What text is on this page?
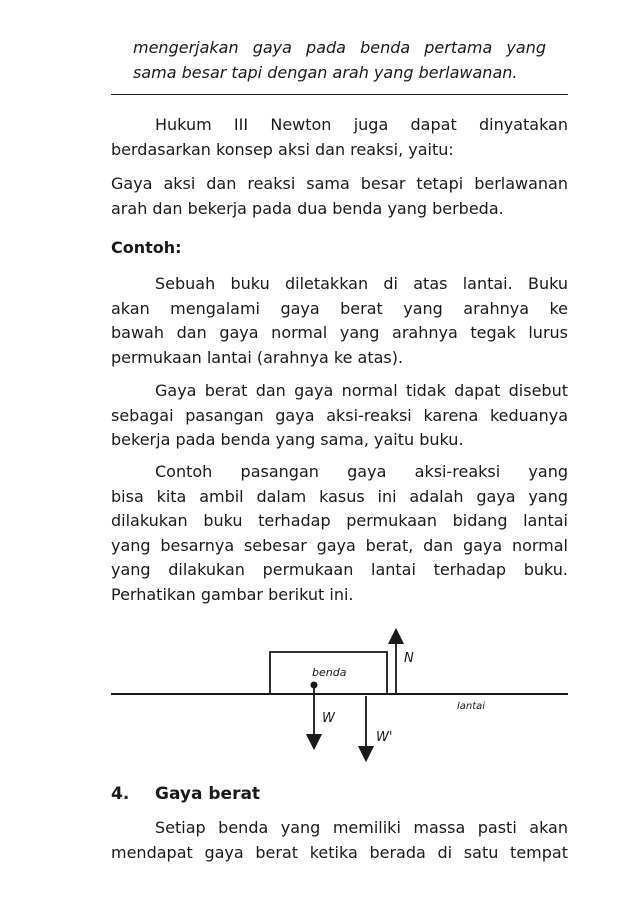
mengerjakan gaya pada benda pertama yang
sama besar tapi dengan arah yang berlawanan.
Hukum III Newton juga dapat dinyatakan
berdasarkan konsep aksi dan reaksi, yaitu:
Gaya aksi dan reaksi sama besar tetapi berlawanan
arah dan bekerja pada dua benda yang berbeda.
Contoh:
Sebuah buku diletakkan di atas lantai. Buku
akan mengalami gaya berat yang arahnya ke
bawah dan gaya normal yang arahnya tegak lurus
permukaan lantai (arahnya ke atas).
Gaya berat dan gaya normal tidak dapat disebut
sebagai pasangan gaya aksi-reaksi karena keduanya
bekerja pada benda yang sama, yaitu buku.
Contoh pasangan gaya aksi-reaksi yang
bisa kita ambil dalam kasus ini adalah gaya yang
dilakukan buku terhadap permukaan bidang lantai
yang besarnya sebesar gaya berat, dan gaya normal
yang dilakukan permukaan lantai terhadap buku.
Perhatikan gambar berikut ini.
benda
W
W'
N
lantai
4. Gaya berat
Setiap benda yang memiliki massa pasti akan
mendapat gaya berat ketika berada di satu tempat
